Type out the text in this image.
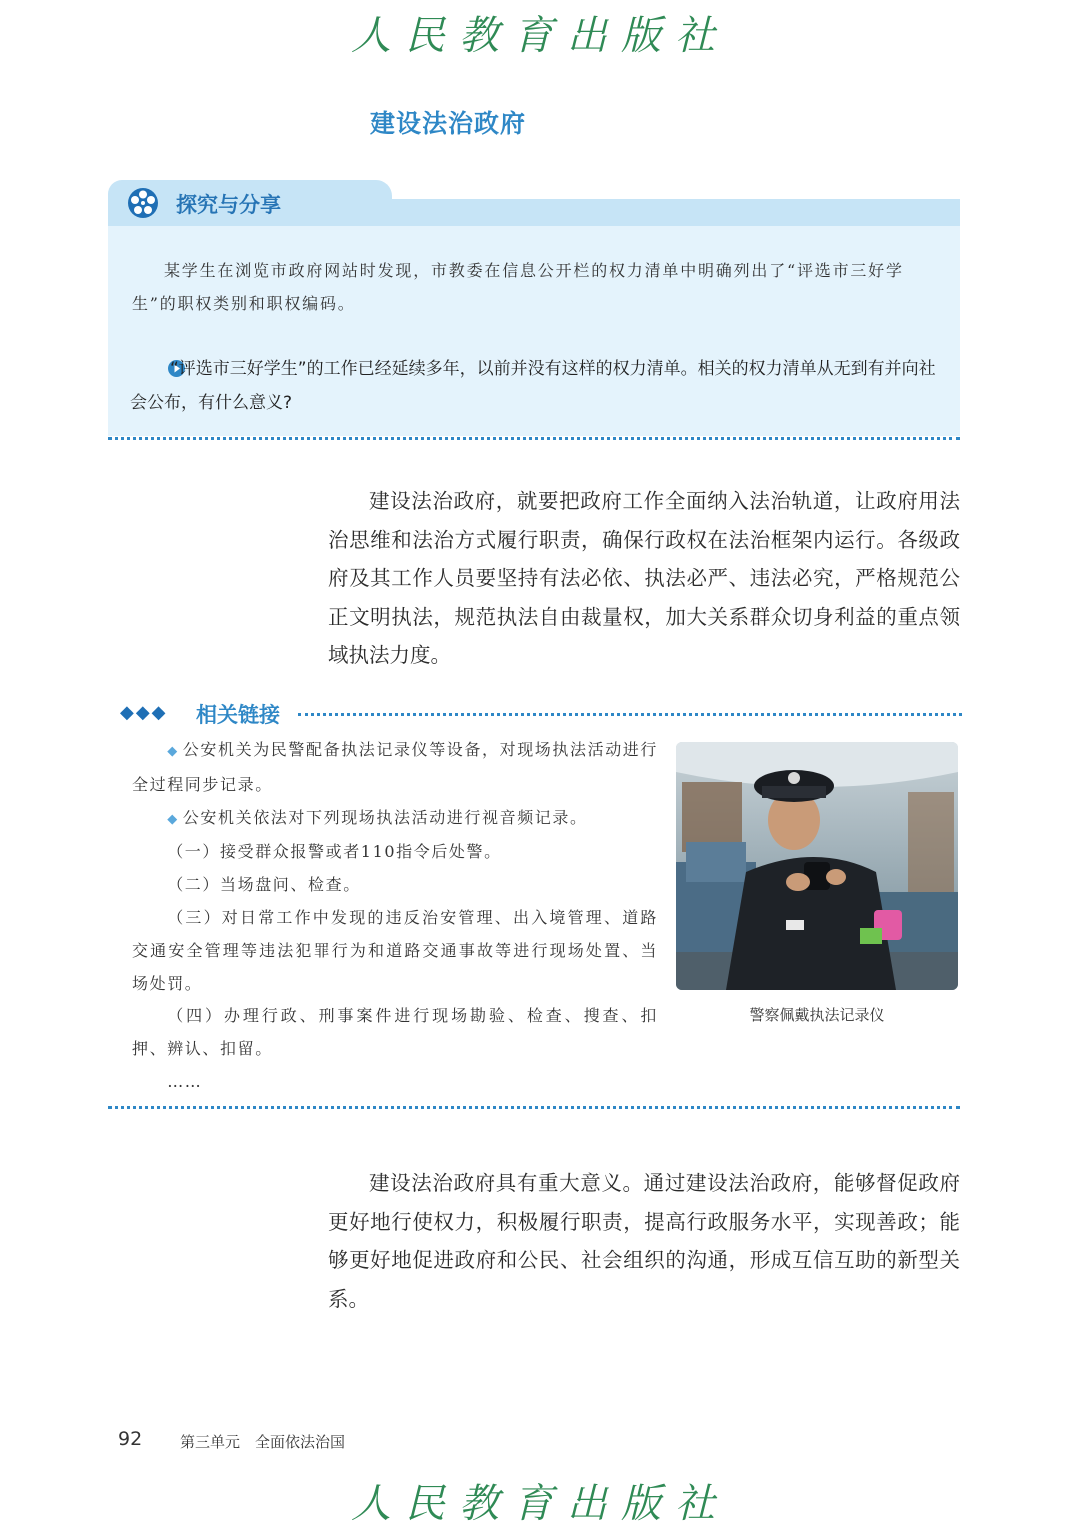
人民教育出版社
建设法治政府
探究与分享
某学生在浏览市政府网站时发现，市教委在信息公开栏的权力清单中明确列出了“评选市三好学生”的职权类别和职权编码。
“评选市三好学生”的工作已经延续多年，以前并没有这样的权力清单。相关的权力清单从无到有并向社会公布，有什么意义?
建设法治政府，就要把政府工作全面纳入法治轨道，让政府用法治思维和法治方式履行职责，确保行政权在法治框架内运行。各级政府及其工作人员要坚持有法必依、执法必严、违法必究，严格规范公正文明执法，规范执法自由裁量权，加大关系群众切身利益的重点领域执法力度。
◆◆◆ 相关链接

◆ 公安机关为民警配备执法记录仪等设备，对现场执法活动进行全过程同步记录。

◆ 公安机关依法对下列现场执法活动进行视音频记录。

（一）接受群众报警或者110指令后处警。

（二）当场盘问、检查。

（三）对日常工作中发现的违反治安管理、出入境管理、道路交通安全管理等违法犯罪行为和道路交通事故等进行现场处置、当场处罚。

（四）办理行政、刑事案件进行现场勘验、检查、搜查、扣押、辨认、扣留。

……

警察佩戴执法记录仪
建设法治政府具有重大意义。通过建设法治政府，能够督促政府更好地行使权力，积极履行职责，提高行政服务水平，实现善政；能够更好地促进政府和公民、社会组织的沟通，形成互信互助的新型关系。
92	第三单元　全面依法治国
人民教育出版社
